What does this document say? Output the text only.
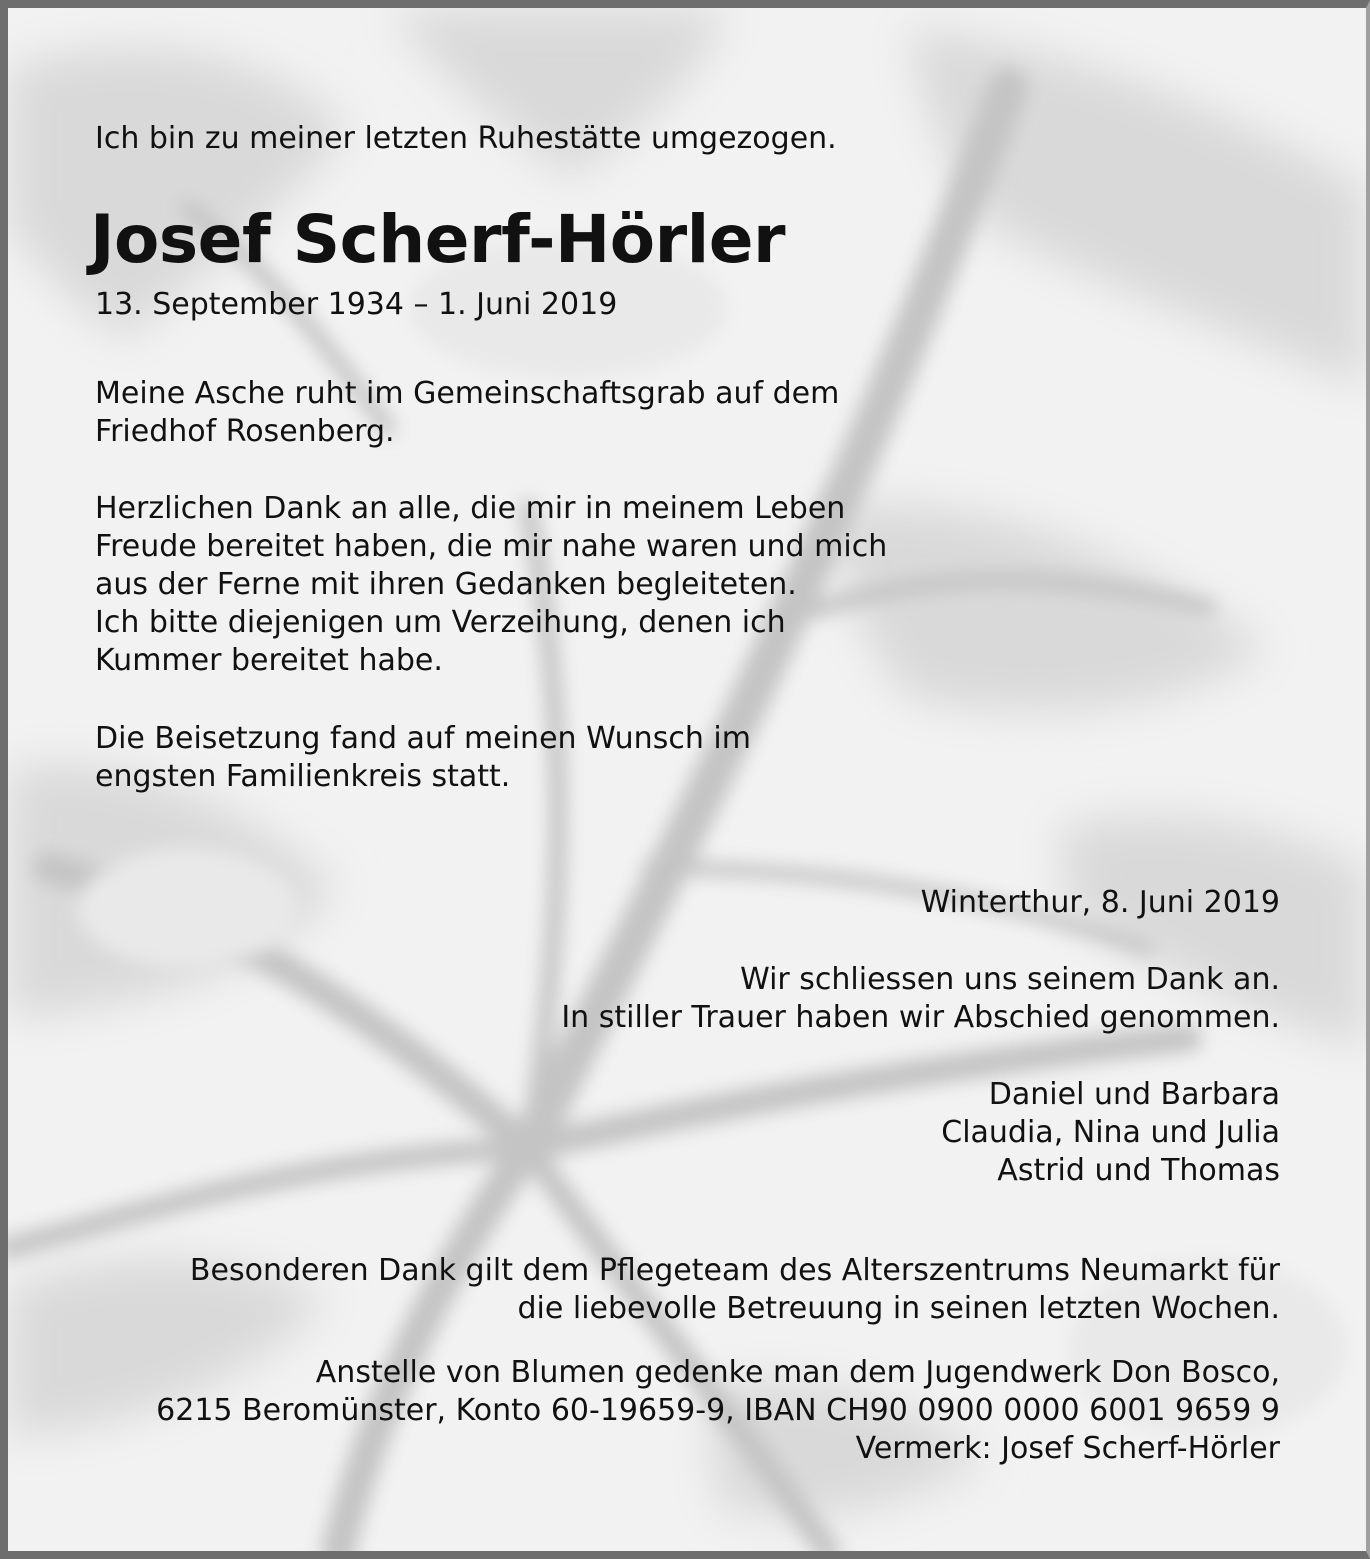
Ich bin zu meiner letzten Ruhestätte umgezogen.
Josef Scherf-Hörler
13. September 1934 – 1. Juni 2019
Meine Asche ruht im Gemeinschaftsgrab auf dem
Friedhof Rosenberg.
Herzlichen Dank an alle, die mir in meinem Leben
Freude bereitet haben, die mir nahe waren und mich
aus der Ferne mit ihren Gedanken begleiteten.
Ich bitte diejenigen um Verzeihung, denen ich
Kummer bereitet habe.
Die Beisetzung fand auf meinen Wunsch im
engsten Familienkreis statt.
Winterthur, 8. Juni 2019
Wir schliessen uns seinem Dank an.
In stiller Trauer haben wir Abschied genommen.
Daniel und Barbara
Claudia, Nina und Julia
Astrid und Thomas
Besonderen Dank gilt dem Pflegeteam des Alterszentrums Neumarkt für
die liebevolle Betreuung in seinen letzten Wochen.
Anstelle von Blumen gedenke man dem Jugendwerk Don Bosco,
6215 Beromünster, Konto 60-19659-9, IBAN CH90 0900 0000 6001 9659 9
Vermerk: Josef Scherf-Hörler
